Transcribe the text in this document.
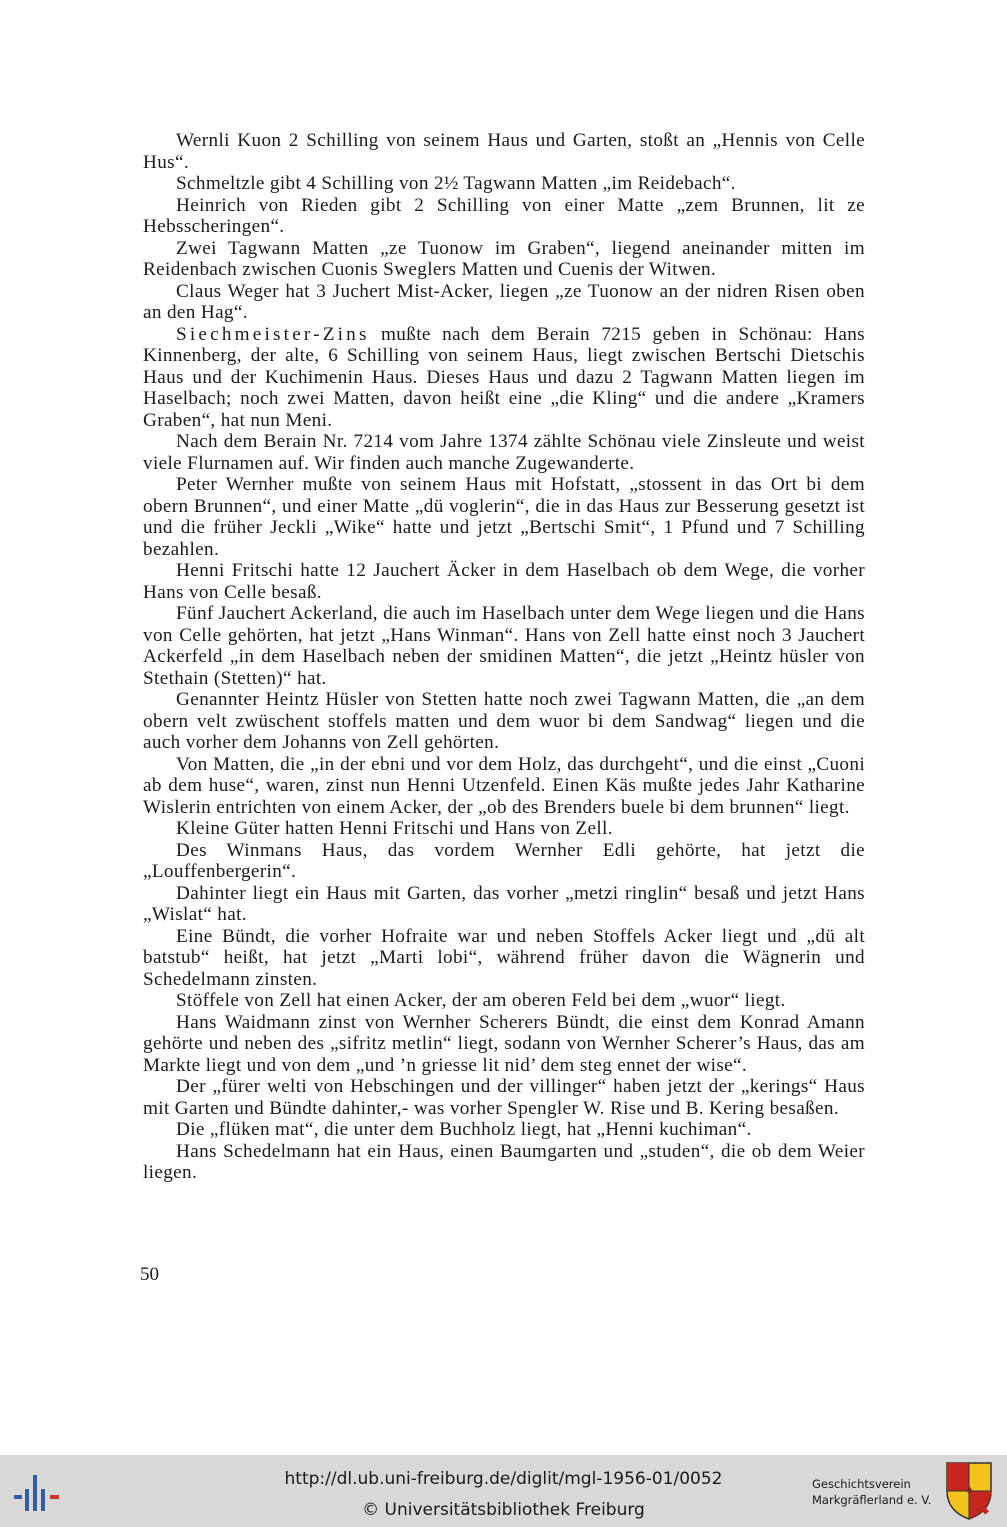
Wernli Kuon 2 Schilling von seinem Haus und Garten, stoßt an „Hennis von Celle Hus“.

Schmeltzle gibt 4 Schilling von 2½ Tagwann Matten „im Reidebach“.

Heinrich von Rieden gibt 2 Schilling von einer Matte „zem Brunnen, lit ze Hebsscheringen“.

Zwei Tagwann Matten „ze Tuonow im Graben“, liegend aneinander mitten im Reidenbach zwischen Cuonis Sweglers Matten und Cuenis der Witwen.

Claus Weger hat 3 Juchert Mist-Acker, liegen „ze Tuonow an der nidren Risen oben an den Hag“.

Siechmeister-Zins mußte nach dem Berain 7215 geben in Schönau: Hans Kinnenberg, der alte, 6 Schilling von seinem Haus, liegt zwischen Bertschi Dietschis Haus und der Kuchimenin Haus. Dieses Haus und dazu 2 Tagwann Matten liegen im Haselbach; noch zwei Matten, davon heißt eine „die Kling“ und die andere „Kramers Graben“, hat nun Meni.

Nach dem Berain Nr. 7214 vom Jahre 1374 zählte Schönau viele Zinsleute und weist viele Flurnamen auf. Wir finden auch manche Zugewanderte.

Peter Wernher mußte von seinem Haus mit Hofstatt, „stossent in das Ort bi dem obern Brunnen“, und einer Matte „dü voglerin“, die in das Haus zur Besserung gesetzt ist und die früher Jeckli „Wike“ hatte und jetzt „Bertschi Smit“, 1 Pfund und 7 Schilling bezahlen.

Henni Fritschi hatte 12 Jauchert Äcker in dem Haselbach ob dem Wege, die vorher Hans von Celle besaß.

Fünf Jauchert Ackerland, die auch im Haselbach unter dem Wege liegen und die Hans von Celle gehörten, hat jetzt „Hans Winman“. Hans von Zell hatte einst noch 3 Jauchert Ackerfeld „in dem Haselbach neben der smidinen Matten“, die jetzt „Heintz hüsler von Stethain (Stetten)“ hat.

Genannter Heintz Hüsler von Stetten hatte noch zwei Tagwann Matten, die „an dem obern velt zwüschent stoffels matten und dem wuor bi dem Sandwag“ liegen und die auch vorher dem Johanns von Zell gehörten.

Von Matten, die „in der ebni und vor dem Holz, das durchgeht“, und die einst „Cuoni ab dem huse“, waren, zinst nun Henni Utzenfeld. Einen Käs mußte jedes Jahr Katharine Wislerin entrichten von einem Acker, der „ob des Brenders buele bi dem brunnen“ liegt.

Kleine Güter hatten Henni Fritschi und Hans von Zell.

Des Winmans Haus, das vordem Wernher Edli gehörte, hat jetzt die „Louffenbergerin“.

Dahinter liegt ein Haus mit Garten, das vorher „metzi ringlin“ besaß und jetzt Hans „Wislat“ hat.

Eine Bündt, die vorher Hofraite war und neben Stoffels Acker liegt und „dü alt batstub“ heißt, hat jetzt „Marti lobi“, während früher davon die Wägnerin und Schedelmann zinsten.

Stöffele von Zell hat einen Acker, der am oberen Feld bei dem „wuor“ liegt.

Hans Waidmann zinst von Wernher Scherers Bündt, die einst dem Konrad Amann gehörte und neben des „sifritz metlin“ liegt, sodann von Wernher Scherer’s Haus, das am Markte liegt und von dem „und ’n griesse lit nid’ dem steg ennet der wise“.

Der „fürer welti von Hebschingen und der villinger“ haben jetzt der „kerings“ Haus mit Garten und Bündte dahinter,- was vorher Spengler W. Rise und B. Kering besaßen.

Die „flüken mat“, die unter dem Buchholz liegt, hat „Henni kuchiman“.

Hans Schedelmann hat ein Haus, einen Baumgarten und „studen“, die ob dem Weier liegen.

50
http://dl.ub.uni-freiburg.de/diglit/mgl-1956-01/0052
© Universitätsbibliothek Freiburg
Geschichtsverein
Markgräflerland e. V.
